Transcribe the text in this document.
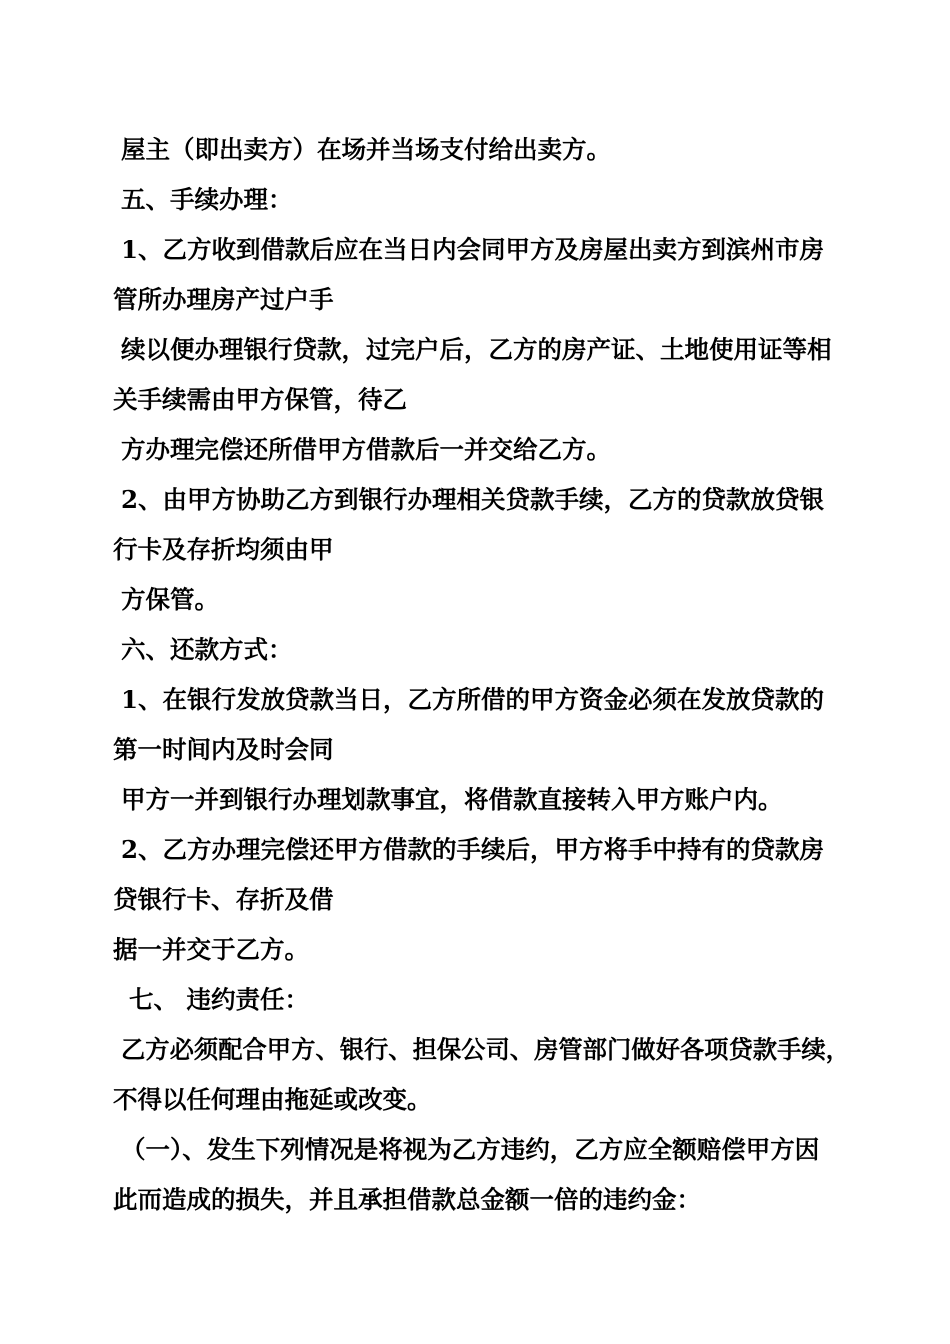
屋主（即出卖方）在场并当场支付给出卖方。
五、手续办理：
1、乙方收到借款后应在当日内会同甲方及房屋出卖方到滨州市房
管所办理房产过户手
续以便办理银行贷款，过完户后，乙方的房产证、土地使用证等相
关手续需由甲方保管，待乙
方办理完偿还所借甲方借款后一并交给乙方。
2、由甲方协助乙方到银行办理相关贷款手续，乙方的贷款放贷银
行卡及存折均须由甲
方保管。
六、还款方式：
1、在银行发放贷款当日，乙方所借的甲方资金必须在发放贷款的
第一时间内及时会同
甲方一并到银行办理划款事宜，将借款直接转入甲方账户内。
2、乙方办理完偿还甲方借款的手续后，甲方将手中持有的贷款房
贷银行卡、存折及借
据一并交于乙方。
七、 违约责任：
乙方必须配合甲方、银行、担保公司、房管部门做好各项贷款手续，
不得以任何理由拖延或改变。
（一）、发生下列情况是将视为乙方违约，乙方应全额赔偿甲方因
此而造成的损失，并且承担借款总金额一倍的违约金：
